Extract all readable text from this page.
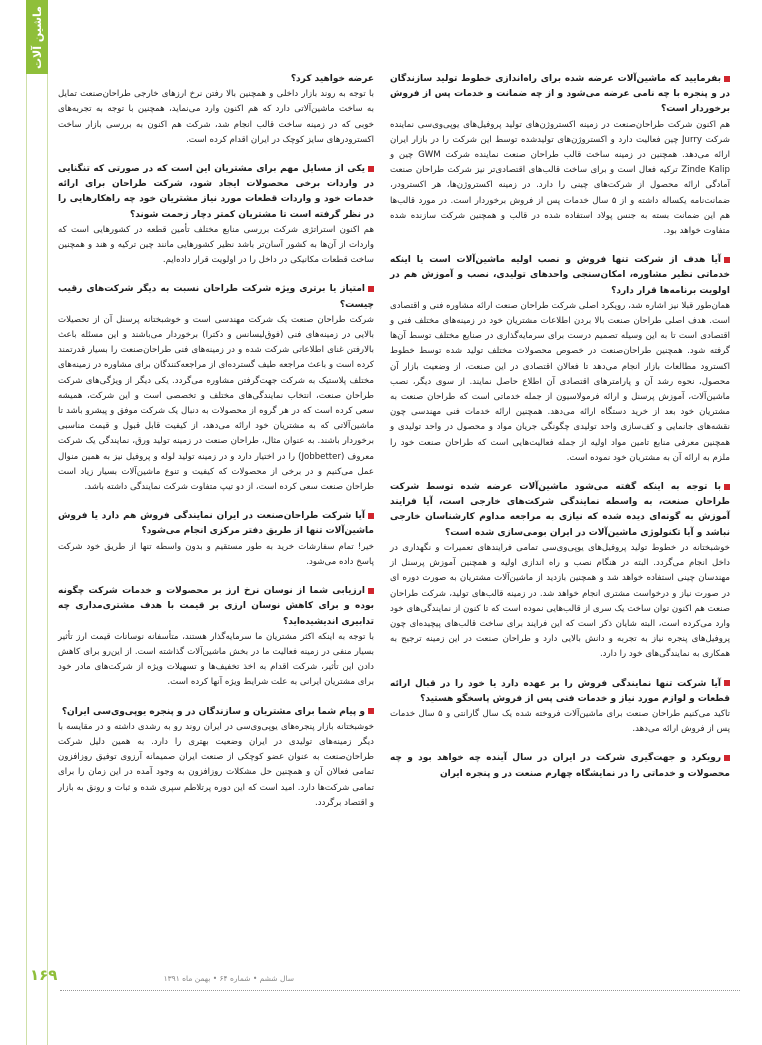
ماشین آلات

بفرمایید که ماشین‌آلات عرضه شده برای راه‌اندازی خطوط تولید سازندگان در و پنجره با چه نامی عرضه می‌شود و از چه ضمانت و خدمات پس از فروش برخوردار است؟

هم اکنون شرکت طراحان‌صنعت در زمینه اکستروژن‌های تولید پروفیل‌های یوپی‌وی‌سی نماینده شرکت Jurry چین فعالیت دارد و اکستروژن‌های تولیدشده توسط این شرکت را در بازار ایران ارائه می‌دهد. همچنین در زمینه ساخت قالب طراحان صنعت نماینده شرکت GWM چین و Zinde Kalip ترکیه فعال است و برای ساخت قالب‌های اقتصادی‌تر نیز شرکت طراحان صنعت آمادگی ارائه محصول از شرکت‌های چینی را دارد. در زمینه اکستروژن‌ها، هر اکسترودر، ضمانت‌نامه یکساله داشته و از ۵ سال خدمات پس از فروش برخوردار است. در مورد قالب‌ها هم این ضمانت بسته به جنس پولاد استفاده شده در قالب و همچنین شرکت سازنده شده متفاوت خواهد بود.

آیا هدف از شرکت تنها فروش و نصب اولیه ماشین‌آلات است یا اینکه خدماتی نظیر مشاوره، امکان‌سنجی واحدهای تولیدی، نصب و آموزش هم در اولویت برنامه‌ها قرار دارد؟

همان‌طور قبلا نیز اشاره شد، رویکرد اصلی شرکت طراحان صنعت ارائه مشاوره فنی و اقتصادی است. هدف اصلی طراحان صنعت بالا بردن اطلاعات مشتریان خود در زمینه‌های مختلف فنی و اقتصادی است تا به این وسیله تصمیم درست برای سرمایه‌گذاری در صنایع مختلف توسط آن‌ها گرفته شود. همچنین طراحان‌صنعت در خصوص محصولات مختلف تولید شده توسط خطوط اکسترود مطالعات بازار انجام می‌دهد تا فعالان اقتصادی در این صنعت، از وضعیت بازار آن محصول، نحوه رشد آن و پارامترهای اقتصادی آن اطلاع حاصل نمایند. از سوی دیگر، نصب ماشین‌آلات، آموزش پرسنل و ارائه فرمولاسیون از جمله خدماتی است که طراحان صنعت به مشتریان خود بعد از خرید دستگاه ارائه می‌دهد. همچنین ارائه خدمات فنی مهندسی چون نقشه‌های جانمایی و کف‌سازی واحد تولیدی چگونگی جریان مواد و محصول در واحد تولیدی و همچنین معرفی منابع تامین مواد اولیه از جمله فعالیت‌هایی است که طراحان صنعت خود را ملزم به ارائه آن به مشتریان خود نموده است.

با توجه به اینکه گفته می‌شود ماشین‌آلات عرضه شده توسط شرکت طراحان صنعت، به واسطه نمایندگی شرکت‌های خارجی است، آیا فرایند آموزش به گونه‌ای دیده شده که نیازی به مراجعه مداوم کارشناسان خارجی نباشد و آیا تکنولوژی ماشین‌آلات در ایران بومی‌سازی شده است؟

خوشبختانه در خطوط تولید پروفیل‌های یوپی‌وی‌سی تمامی فرایندهای تعمیرات و نگهداری در داخل انجام می‌گردد. البته در هنگام نصب و راه اندازی اولیه و همچنین آموزش پرسنل از مهندسان چینی استفاده خواهد شد و همچنین بازدید از ماشین‌آلات مشتریان به صورت دوره ای در صورت نیاز و درخواست مشتری انجام خواهد شد. در زمینه قالب‌های تولید، شرکت طراحان صنعت هم اکنون توان ساخت یک سری از قالب‌هایی نموده است که تا کنون از نمایندگی‌های خود وارد می‌کرده است، البته شایان ذکر است که این فرایند برای ساخت قالب‌های پیچیده‌ای چون پروفیل‌های پنجره نیاز به تجربه و دانش بالایی دارد و طراحان صنعت در این زمینه ترجیح به همکاری به نمایندگی‌های خود را دارد.

آیا شرکت تنها نمایندگی فروش را بر عهده دارد یا خود را در قبال ارائه قطعات و لوازم مورد نیاز و خدمات فنی پس از فروش پاسخگو هستید؟

تاکید می‌کنیم طراحان صنعت برای ماشین‌آلات فروخته شده یک سال گارانتی و ۵ سال خدمات پس از فروش ارائه می‌دهد.

رویکرد و جهت‌گیری شرکت در ایران در سال آینده چه خواهد بود و چه محصولات و خدماتی را در نمایشگاه چهارم صنعت در و پنجره ایران

عرضه خواهید کرد؟

با توجه به روند بازار داخلی و همچنین بالا رفتن نرخ ارزهای خارجی طراحان‌صنعت تمایل به ساخت ماشین‌آلاتی دارد که هم اکنون وارد می‌نماید، همچنین با توجه به تجربه‌های خوبی که در زمینه ساخت قالب انجام شد، شرکت هم اکنون به بررسی بازار ساخت اکسترودرهای سایز کوچک در ایران اقدام کرده است.

یکی از مسایل مهم برای مشتریان این است که در صورتی که تنگنایی در واردات برخی محصولات ایجاد شود، شرکت طراحان برای ارائه خدمات خود و واردات قطعات مورد نیاز مشتریان خود چه راهکارهایی را در نظر گرفته است تا مشتریان کمتر دچار زحمت شوند؟

هم اکنون استراتژی شرکت بررسی منابع مختلف تأمین قطعه در کشورهایی است که واردات از آن‌ها به کشور آسان‌تر باشد نظیر کشورهایی مانند چین ترکیه و هند و همچنین ساخت قطعات مکانیکی در داخل را در اولویت قرار داده‌ایم.

امتیاز یا برتری ویژه شرکت طراحان نسبت به دیگر شرکت‌های رقیب چیست؟

شرکت طراحان صنعت یک شرکت مهندسی است و خوشبختانه پرسنل آن از تحصیلات بالایی در زمینه‌های فنی (فوق‌لیسانس و دکترا) برخوردار می‌باشند و این مسئله باعث بالارفتن غنای اطلاعاتی شرکت شده و در زمینه‌های فنی طراحان‌صنعت را بسیار قدرتمند کرده است و باعث مراجعه طیف گسترده‌ای از مراجعه‌کنندگان برای مشاوره در زمینه‌های مختلف پلاستیک به شرکت جهت‌گرفتن مشاوره می‌گردد. یکی دیگر از ویژگی‌های شرکت طراحان صنعت، انتخاب نمایندگی‌های مختلف و تخصصی است و این شرکت، همیشه سعی کرده است که در هر گروه از محصولات به دنبال یک شرکت موفق و پیشرو باشد تا ماشین‌آلاتی که به مشتریان خود ارائه می‌دهد، از کیفیت قابل قبول و قیمت مناسبی برخوردار باشند. به عنوان مثال، طراحان صنعت در زمینه تولید ورق، نمایندگی یک شرکت معروف (Jobbetter) را در اختیار دارد و در زمینه تولید لوله و پروفیل نیز به همین منوال عمل می‌کنیم و در برخی از محصولات که کیفیت و تنوع ماشین‌آلات بسیار زیاد است طراحان صنعت سعی کرده است، از دو تیپ متفاوت شرکت نمایندگی داشته باشد.

آیا شرکت طراحان‌صنعت در ایران نمایندگی فروش هم دارد یا فروش ماشین‌آلات تنها از طریق دفتر مرکزی انجام می‌شود؟

خیر! تمام سفارشات خرید به طور مستقیم و بدون واسطه تنها از طریق خود شرکت پاسخ داده می‌شود.

ارزیابی شما از نوسان نرخ ارز بر محصولات و خدمات شرکت چگونه بوده و برای کاهش نوسان ارزی بر قیمت با هدف مشتری‌مداری چه تدابیری اندیشیده‌اید؟

با توجه به اینکه اکثر مشتریان ما سرمایه‌گذار هستند، متأسفانه نوسانات قیمت ارز تأثیر بسیار منفی در زمینه فعالیت ما در بخش ماشین‌آلات گذاشته است. از این‌رو برای کاهش دادن این تأثیر، شرکت اقدام به اخذ تخفیف‌ها و تسهیلات ویژه از شرکت‌های مادر خود برای مشتریان ایرانی به علت شرایط ویژه آنها کرده است.

و پیام شما برای مشتریان و سازندگان در و پنجره یوپی‌وی‌سی ایران؟

خوشبختانه بازار پنجره‌های یوپی‌وی‌سی در ایران روند رو به رشدی داشته و در مقایسه با دیگر زمینه‌های تولیدی در ایران وضعیت بهتری را دارد. به همین دلیل شرکت طراحان‌صنعت به عنوان عضو کوچکی از صنعت ایران صمیمانه آرزوی توفیق روزافزون تمامی فعالان آن و همچنین حل مشکلات روزافزون به وجود آمده در این زمان را برای تمامی شرکت‌ها دارد. امید است که این دوره پرتلاطم سپری شده و ثبات و رونق به بازار و اقتصاد برگردد.

۱۶۹	سال ششم • شماره ۶۴ • بهمن ماه ۱۳۹۱
